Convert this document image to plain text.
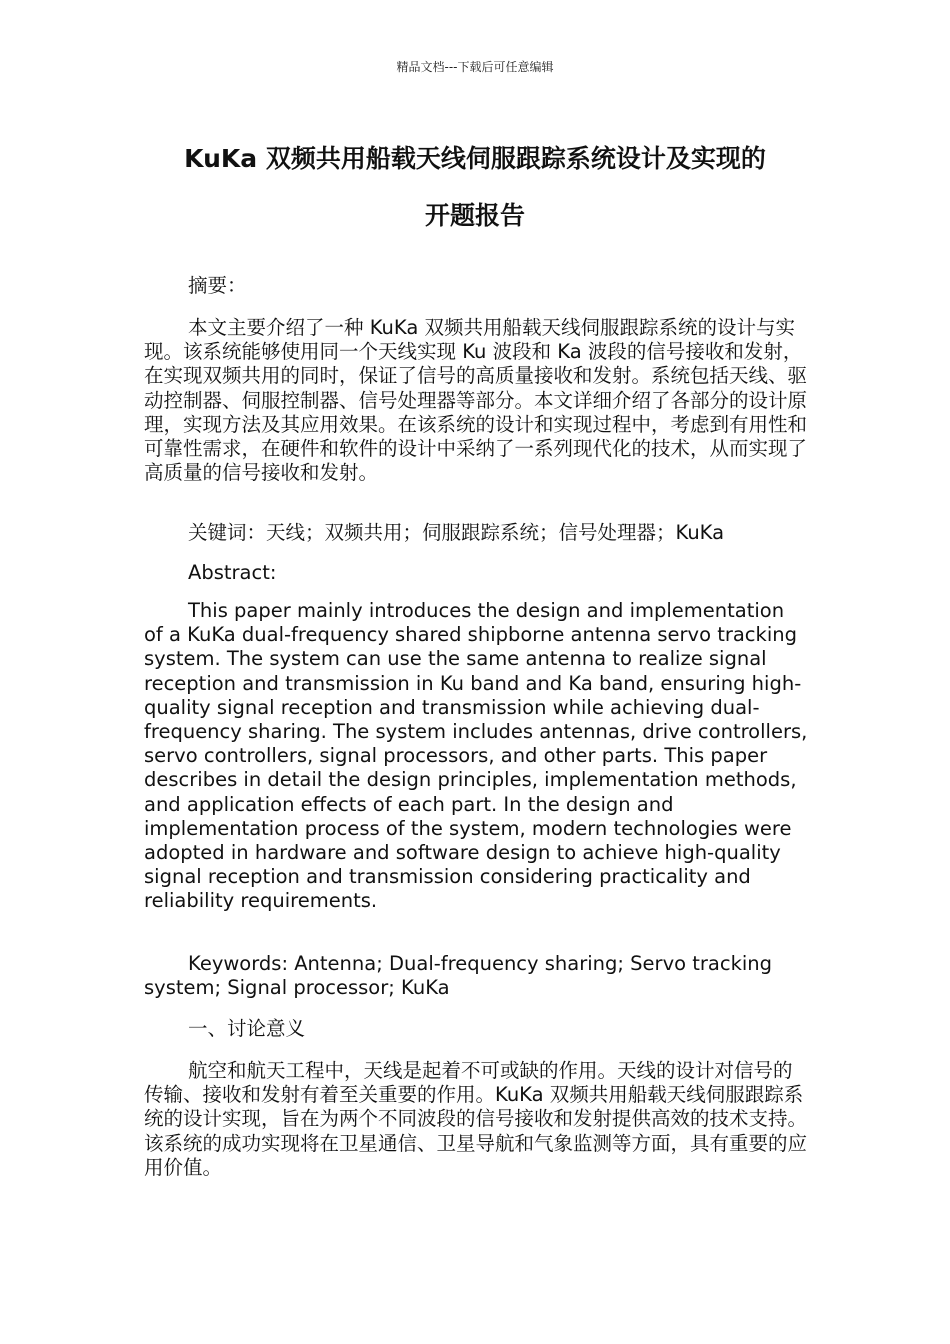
精品文档---下载后可任意编辑
KuKa 双频共用船载天线伺服跟踪系统设计及实现的
开题报告
摘要：

本文主要介绍了一种 KuKa 双频共用船载天线伺服跟踪系统的设计与实现。该系统能够使用同一个天线实现 Ku 波段和 Ka 波段的信号接收和发射，在实现双频共用的同时，保证了信号的高质量接收和发射。系统包括天线、驱动控制器、伺服控制器、信号处理器等部分。本文详细介绍了各部分的设计原理，实现方法及其应用效果。在该系统的设计和实现过程中，考虑到有用性和可靠性需求，在硬件和软件的设计中采纳了一系列现代化的技术，从而实现了高质量的信号接收和发射。

关键词：天线；双频共用；伺服跟踪系统；信号处理器；KuKa
Abstract:

This paper mainly introduces the design and implementation of a KuKa dual-frequency shared shipborne antenna servo tracking system. The system can use the same antenna to realize signal reception and transmission in Ku band and Ka band, ensuring high-quality signal reception and transmission while achieving dual-frequency sharing. The system includes antennas, drive controllers, servo controllers, signal processors, and other parts. This paper describes in detail the design principles, implementation methods, and application effects of each part. In the design and implementation process of the system, modern technologies were adopted in hardware and software design to achieve high-quality signal reception and transmission considering practicality and reliability requirements.

Keywords: Antenna; Dual-frequency sharing; Servo tracking system; Signal processor; KuKa

一、讨论意义

航空和航天工程中，天线是起着不可或缺的作用。天线的设计对信号的传输、接收和发射有着至关重要的作用。KuKa 双频共用船载天线伺服跟踪系统的设计实现，旨在为两个不同波段的信号接收和发射提供高效的技术支持。该系统的成功实现将在卫星通信、卫星导航和气象监测等方面，具有重要的应用价值。
